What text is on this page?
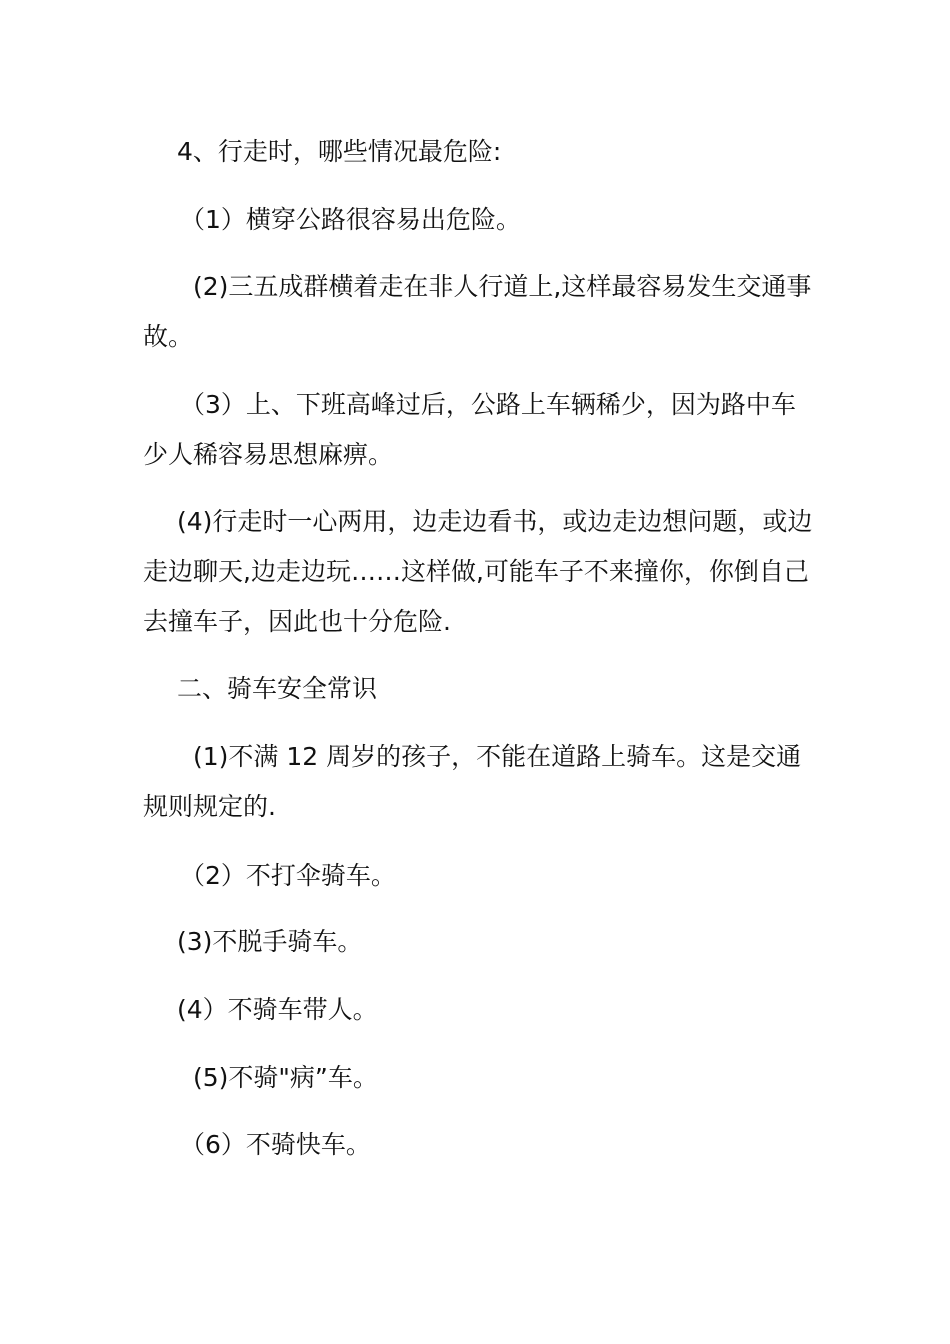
4、行走时，哪些情况最危险:

（1）横穿公路很容易出危险。

(2)三五成群横着走在非人行道上,这样最容易发生交通事故。

（3）上、下班高峰过后，公路上车辆稀少，因为路中车少人稀容易思想麻痹。

(4)行走时一心两用，边走边看书，或边走边想问题，或边走边聊天,边走边玩……这样做,可能车子不来撞你，你倒自己去撞车子，因此也十分危险.

二、骑车安全常识

(1)不满 12 周岁的孩子，不能在道路上骑车。这是交通规则规定的.

（2）不打伞骑车。

(3)不脱手骑车。

(4）不骑车带人。

(5)不骑"病”车。

（6）不骑快车。
